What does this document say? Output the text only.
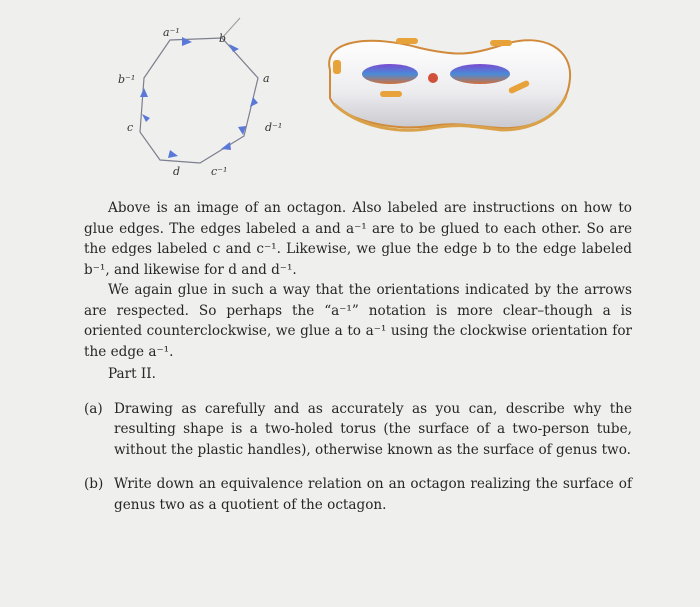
a⁻¹	b
a
d⁻¹
b⁻¹
c
d	c⁻¹

Above is an image of an octagon. Also labeled are instructions on how to glue edges. The edges labeled a and a⁻¹ are to be glued to each other. So are the edges labeled c and c⁻¹. Likewise, we glue the edge b to the edge labeled b⁻¹, and likewise for d and d⁻¹.

We again glue in such a way that the orientations indicated by the arrows are respected. So perhaps the “a⁻¹” notation is more clear–though a is oriented counterclockwise, we glue a to a⁻¹ using the clockwise orientation for the edge a⁻¹.

Part II.

(a) Drawing as carefully and as accurately as you can, describe why the resulting shape is a two-holed torus (the surface of a two-person tube, without the plastic handles), otherwise known as the surface of genus two.
(b) Write down an equivalence relation on an octagon realizing the surface of genus two as a quotient of the octagon.
